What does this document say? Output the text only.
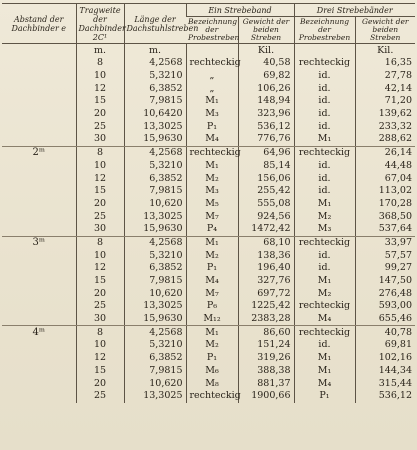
Abstand der Dachbinder e	Tragweite der Dachbinder 2C¹	Länge der Dachstuhlstreben	Ein Strebeband		Drei Strebebänder	
			Bezeichnung der Probestreben	Gewicht der beiden Streben	Bezeichnung der Probestreben	Gewicht der beiden Streben
	m.	m.		Kil.		Kil.
	8	4,2568	rechteckig	40,58	rechteckig	16,35
	10	5,3210	„	69,82	id.	27,78
	12	6,3852	„	106,26	id.	42,14
	15	7,9815	M₁	148,94	id.	71,20
	20	10,6420	M₃	323,96	id.	139,62
	25	13,3025	P₁	536,12	id.	233,32
	30	15,9630	M₄	776,76	M₁	288,62
2ᵐ	8	4,2568	rechteckig	64,96	rechteckig	26,14
	10	5,3210	M₁	85,14	id.	44,48
	12	6,3852	M₂	156,06	id.	67,04
	15	7,9815	M₃	255,42	id.	113,02
	20	10,620	M₅	555,08	M₁	170,28
	25	13,3025	M₇	924,56	M₂	368,50
	30	15,9630	P₄	1472,42	M₃	537,64
3ᵐ	8	4,2568	M₁	68,10	rechteckig	33,97
	10	5,3210	M₂	138,36	id.	57,57
	12	6,3852	P₁	196,40	id.	99,27
	15	7,9815	M₄	327,76	M₁	147,50
	20	10,620	M₇	697,72	M₂	276,48
	25	13,3025	P₆	1225,42	rechteckig	593,00
	30	15,9630	M₁₂	2383,28	M₄	655,46
4ᵐ	8	4,2568	M₁	86,60	rechteckig	40,78
	10	5,3210	M₂	151,24	id.	69,81
	12	6,3852	P₁	319,26	M₁	102,16
	15	7,9815	M₆	388,38	M₁	144,34
	20	10,620	M₈	881,37	M₄	315,44
	25	13,3025	rechteckig	1900,66	P₁	536,12
